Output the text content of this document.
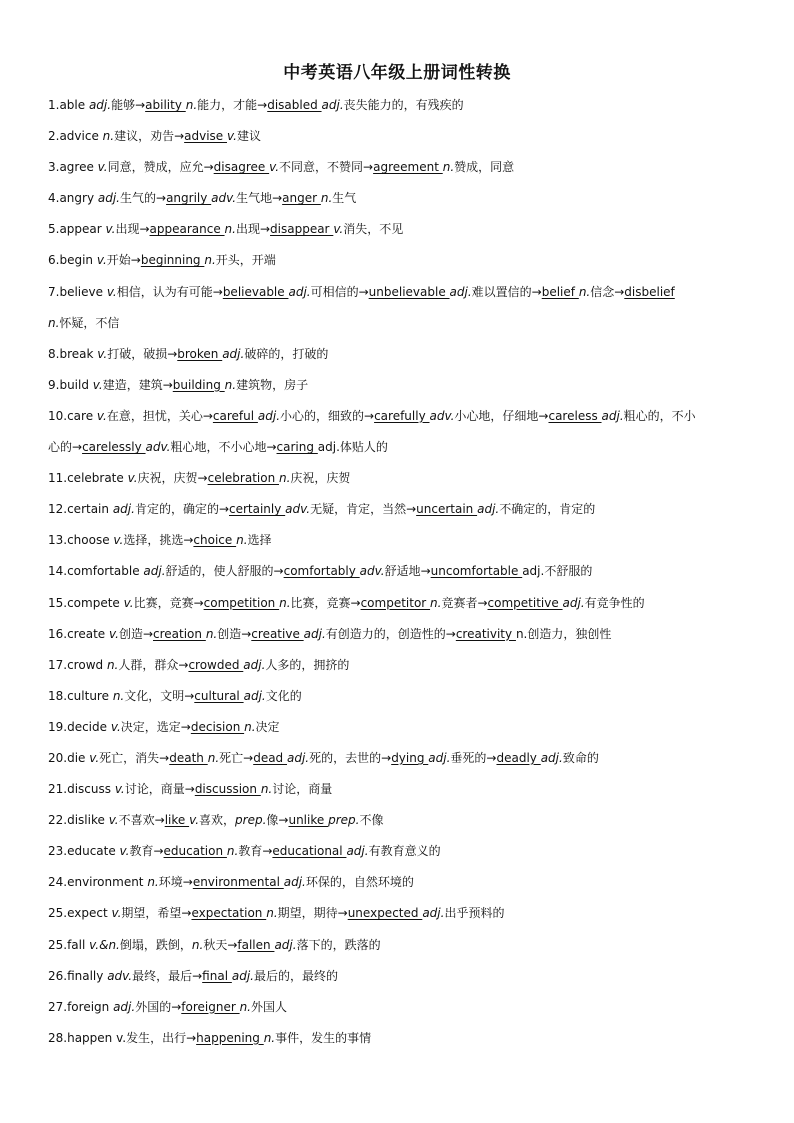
中考英语八年级上册词性转换
1.able adj.能够→ability n.能力，才能→disabled adj.丧失能力的，有残疾的
2.advice n.建议，劝告→advise v.建议
3.agree v.同意，赞成，应允→disagree v.不同意，不赞同→agreement n.赞成，同意
4.angry adj.生气的→angrily adv.生气地→anger n.生气
5.appear v.出现→appearance n.出现→disappear v.消失，不见
6.begin v.开始→beginning n.开头，开端
7.believe v.相信，认为有可能→believable adj.可相信的→unbelievable adj.难以置信的→belief n.信念→disbelief
n.怀疑，不信
8.break v.打破，破损→broken adj.破碎的，打破的
9.build v.建造，建筑→building n.建筑物，房子
10.care v.在意，担忧，关心→careful adj.小心的，细致的→carefully adv.小心地，仔细地→careless adj.粗心的，不小
心的→carelessly adv.粗心地，不小心地→caring adj.体贴人的
11.celebrate v.庆祝，庆贺→celebration n.庆祝，庆贺
12.certain adj.肯定的，确定的→certainly adv.无疑，肯定，当然→uncertain adj.不确定的，肯定的
13.choose v.选择，挑选→choice n.选择
14.comfortable adj.舒适的，使人舒服的→comfortably adv.舒适地→uncomfortable adj.不舒服的
15.compete v.比赛，竞赛→competition n.比赛，竞赛→competitor n.竞赛者→competitive adj.有竞争性的
16.create v.创造→creation n.创造→creative adj.有创造力的，创造性的→creativity n.创造力，独创性
17.crowd n.人群，群众→crowded adj.人多的，拥挤的
18.culture n.文化，文明→cultural adj.文化的
19.decide v.决定，选定→decision n.决定
20.die v.死亡，消失→death n.死亡→dead adj.死的，去世的→dying adj.垂死的→deadly adj.致命的
21.discuss v.讨论，商量→discussion n.讨论，商量
22.dislike v.不喜欢→like v.喜欢，prep.像→unlike prep.不像
23.educate v.教育→education n.教育→educational adj.有教育意义的
24.environment n.环境→environmental adj.环保的，自然环境的
25.expect v.期望，希望→expectation n.期望，期待→unexpected adj.出乎预料的
25.fall v.&n.倒塌，跌倒，n.秋天→fallen adj.落下的，跌落的
26.finally adv.最终，最后→final adj.最后的，最终的
27.foreign adj.外国的→foreigner n.外国人
28.happen v.发生，出行→happening n.事件，发生的事情
